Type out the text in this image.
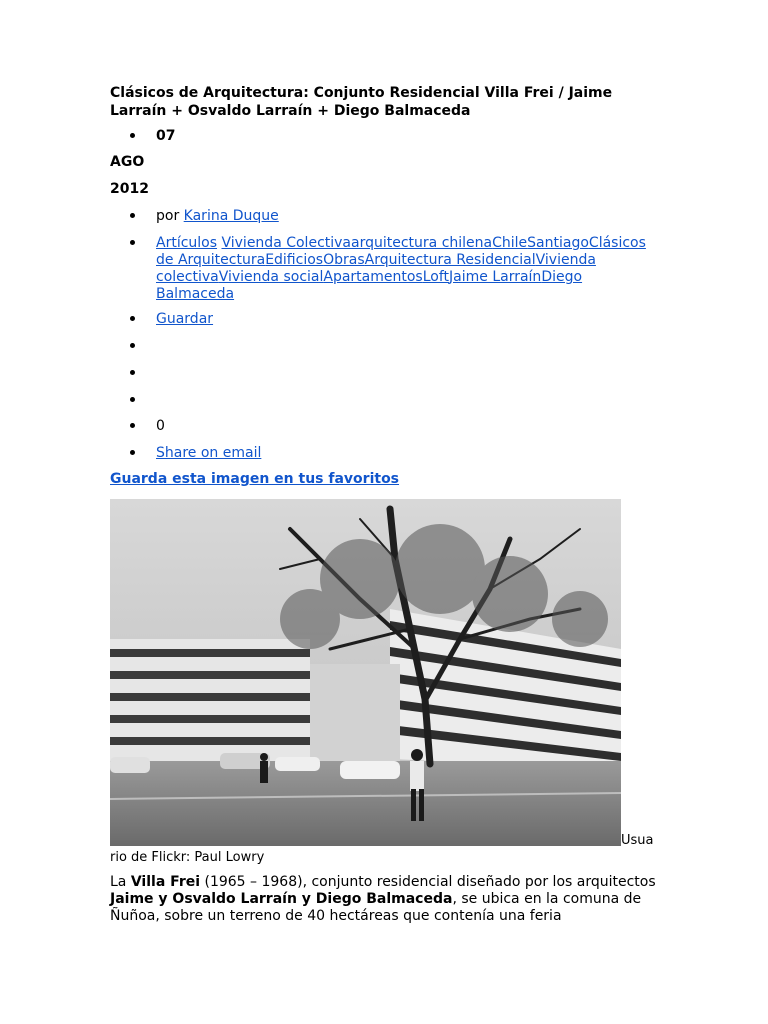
Clásicos de Arquitectura: Conjunto Residencial Villa Frei / Jaime Larraín + Osvaldo Larraín + Diego Balmaceda
07
AGO
2012
por Karina Duque
Artículos Vivienda Colectivaarquitectura chilenaChileSantiagoClásicos de ArquitecturaEdificiosObrasArquitectura ResidencialVivienda colectivaVivienda socialApartamentosLoftJaime LarraínDiego Balmaceda
Guardar
0
Share on email
Guarda esta imagen en tus favoritos
Usua
rio de Flickr: Paul Lowry
La Villa Frei (1965 – 1968), conjunto residencial diseñado por los arquitectos Jaime y Osvaldo Larraín y Diego Balmaceda, se ubica en la comuna de Ñuñoa, sobre un terreno de 40 hectáreas que contenía una feria
